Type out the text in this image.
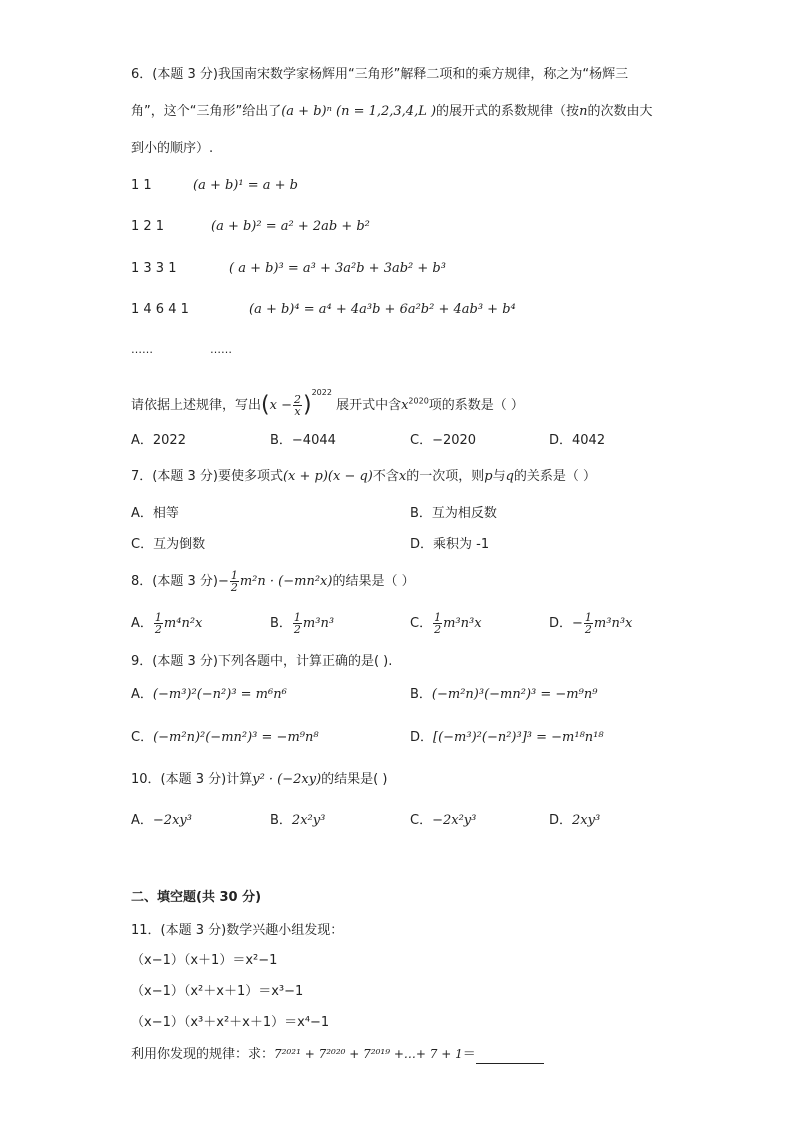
6．(本题 3 分)我国南宋数学家杨辉用“三角形”解释二项和的乘方规律，称之为“杨辉三
角”，这个“三角形”给出了(a + b)ⁿ (n = 1,2,3,4,L )的展开式的系数规律（按n的次数由大
到小的顺序）.
1 1	(a + b)¹ = a + b
1 2 1	(a + b)² = a² + 2ab + b²
1 3 3 1	( a + b)³ = a³ + 3a²b + 3ab² + b³
1 4 6 4 1	(a + b)⁴ = a⁴ + 4a³b + 6a²b² + 4ab³ + b⁴
……	……
请依据上述规律，写出$(x - \frac{2}{x} )^{2022}$ 展开式中含$x^{2020}$项的系数是（ ）
A．2022	B．−4044	C．−2020	D．4042
7．(本题 3 分)要使多项式(x + p)(x − q)不含x的一次项，则p与q的关系是（ ）
A．相等	B．互为相反数
C．互为倒数	D．乘积为 -1
8．(本题 3 分)− $\frac{1}{2} m^2n \cdot (-mn^2x)$的结果是（ ）
A． $\frac{1}{2} m^4n^2x$	B． $\frac{1}{2} m^3n^3$	C． $\frac{1}{2} m^3n^3x$	D．− $\frac{1}{2} m^3n^3x$
9．(本题 3 分)下列各题中，计算正确的是( ).
A．(−m³)²(−n²)³ = m⁶n⁶	B．(−m²n)³(−mn²)³ = −m⁹n⁹
C．(−m²n)²(−mn²)³ = −m⁹n⁸	D．[(−m³)²(−n²)³]³ = −m¹⁸n¹⁸
10．(本题 3 分)计算y² · (−2xy)的结果是( )
A．−2xy³	B．2x²y³	C．−2x²y³	D．2xy³
二、填空题(共 30 分)
11．(本题 3 分)数学兴趣小组发现：
（x−1）（x＋1）＝x²−1
（x−1）（x²＋x＋1）＝x³−1
（x−1）（x³＋x²＋x＋1）＝x⁴−1
利用你发现的规律：求：7²⁰²¹ + 7²⁰²⁰ + 7²⁰¹⁹ +…+ 7 + 1＝
